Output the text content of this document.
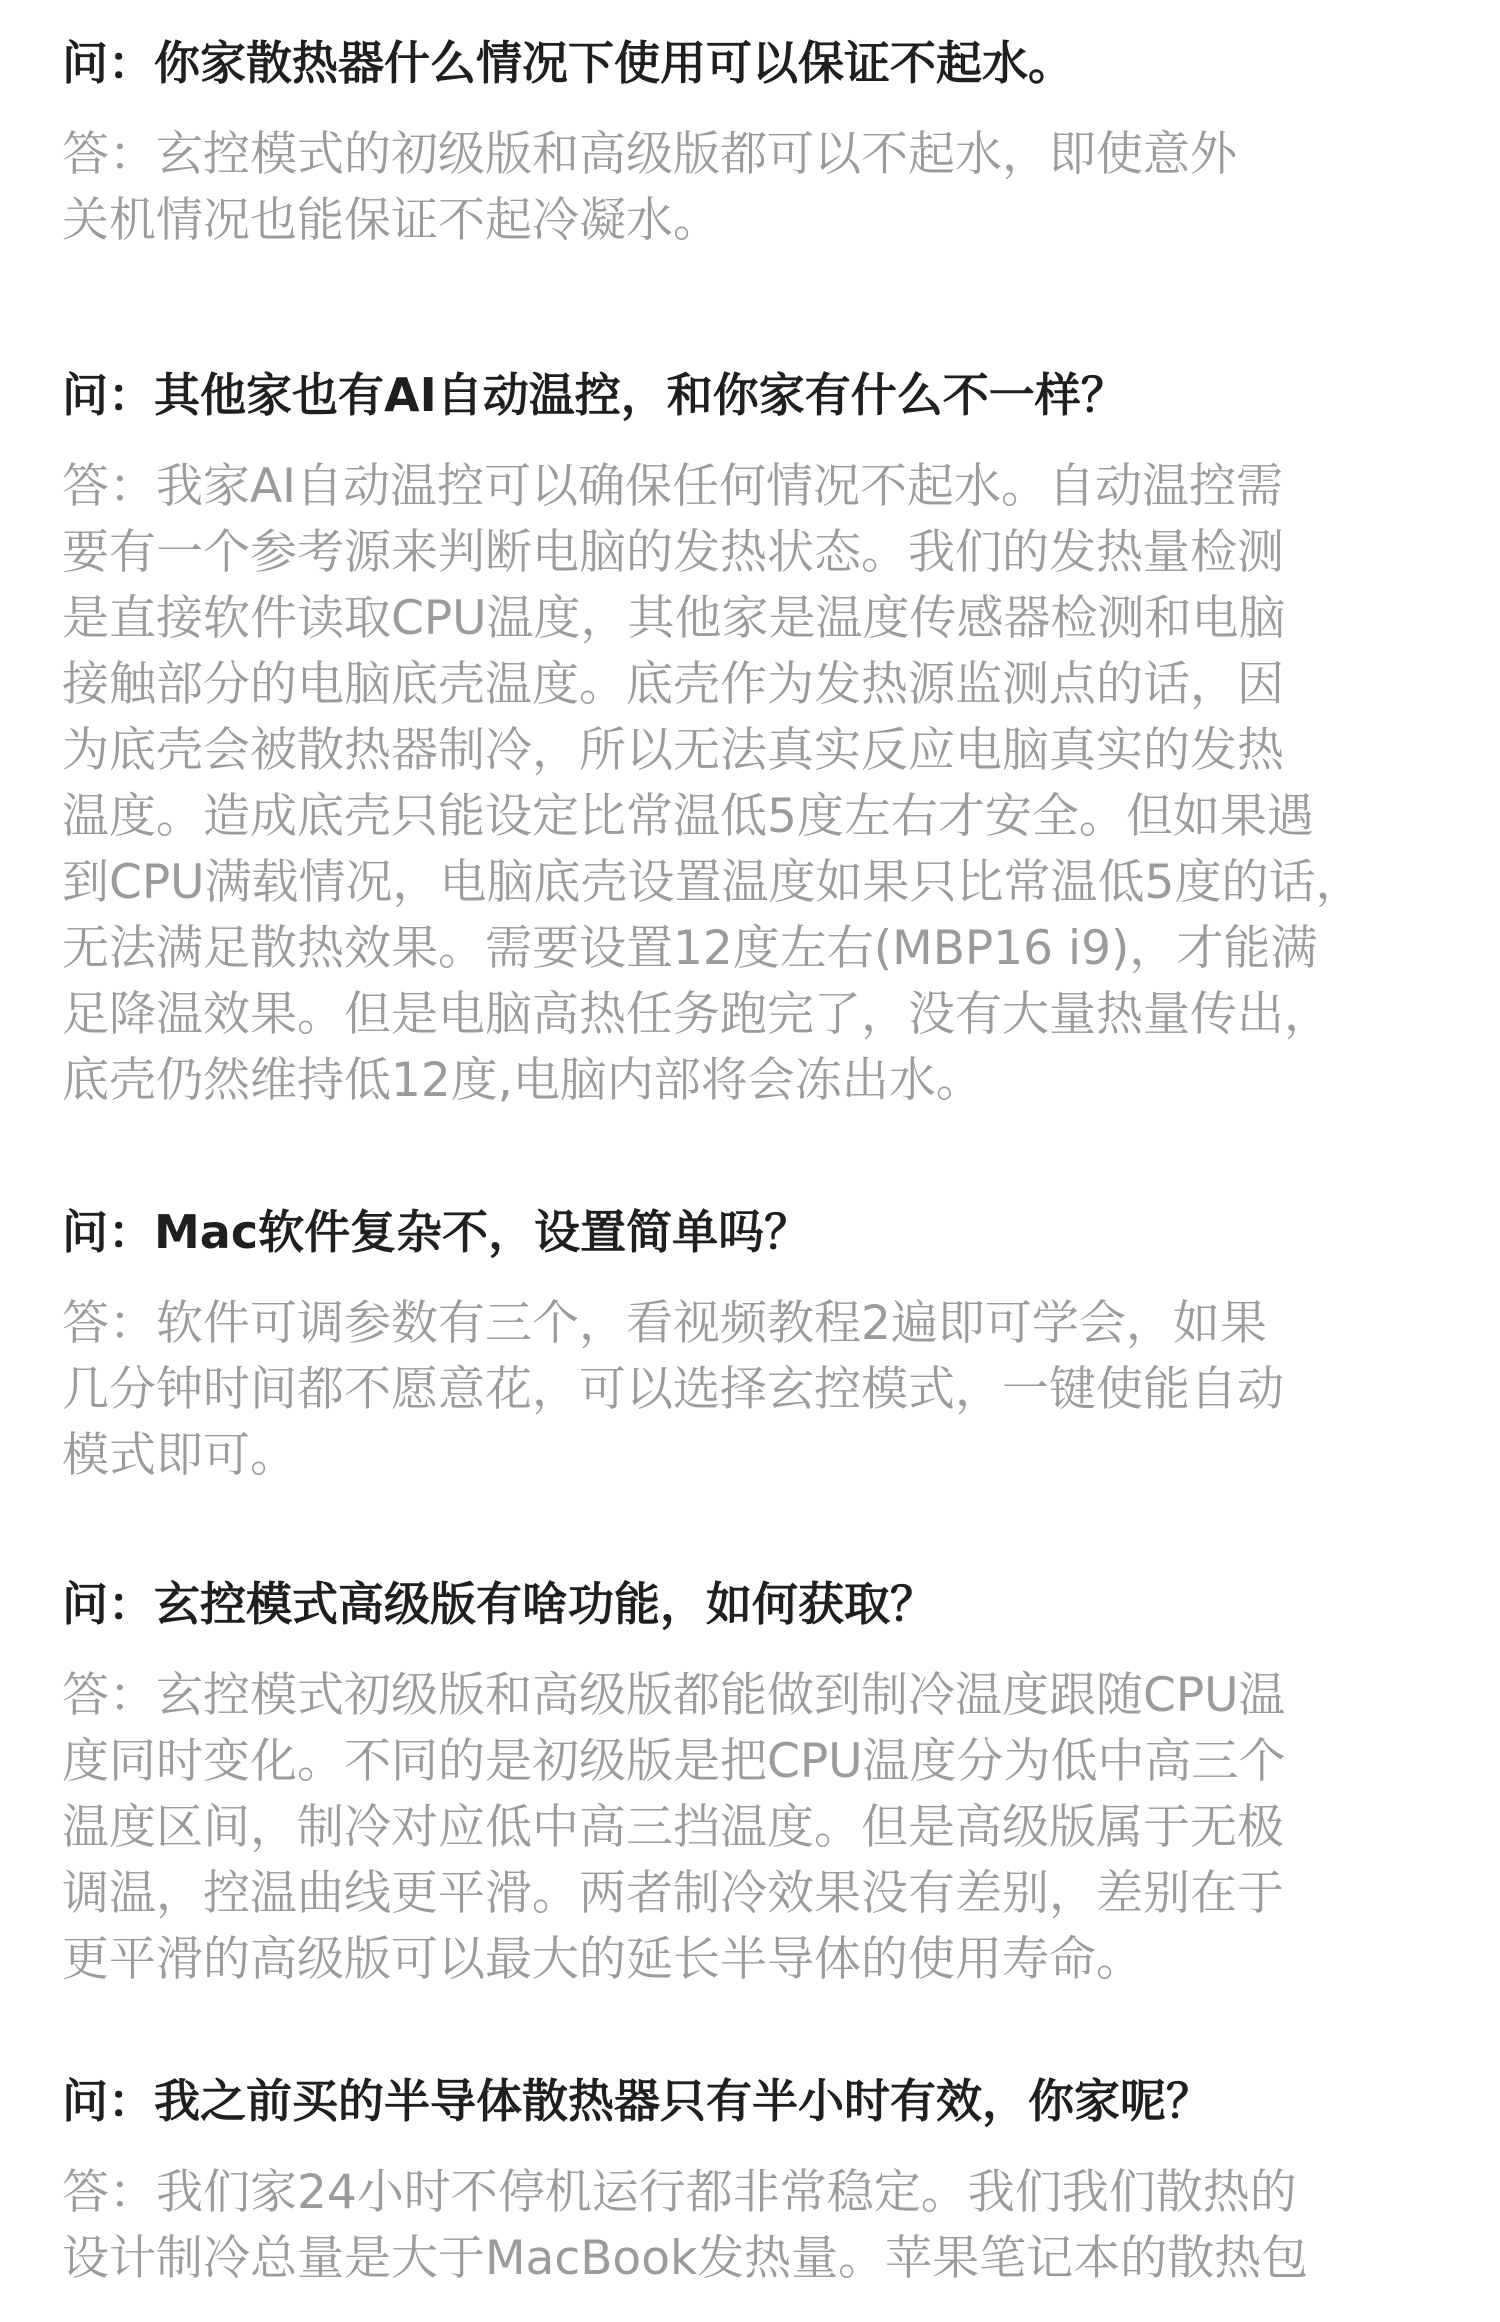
问：你家散热器什么情况下使用可以保证不起水。

答：玄控模式的初级版和高级版都可以不起水，即使意外
关机情况也能保证不起冷凝水。

问：其他家也有AI自动温控，和你家有什么不一样？

答：我家AI自动温控可以确保任何情况不起水。自动温控需
要有一个参考源来判断电脑的发热状态。我们的发热量检测
是直接软件读取CPU温度，其他家是温度传感器检测和电脑
接触部分的电脑底壳温度。底壳作为发热源监测点的话，因
为底壳会被散热器制冷，所以无法真实反应电脑真实的发热
温度。造成底壳只能设定比常温低5度左右才安全。但如果遇
到CPU满载情况，电脑底壳设置温度如果只比常温低5度的话，
无法满足散热效果。需要设置12度左右(MBP16 i9)，才能满
足降温效果。但是电脑高热任务跑完了，没有大量热量传出，
底壳仍然维持低12度,电脑内部将会冻出水。

问：Mac软件复杂不，设置简单吗？

答：软件可调参数有三个，看视频教程2遍即可学会，如果
几分钟时间都不愿意花，可以选择玄控模式，一键使能自动
模式即可。

问：玄控模式高级版有啥功能，如何获取？

答：玄控模式初级版和高级版都能做到制冷温度跟随CPU温
度同时变化。不同的是初级版是把CPU温度分为低中高三个
温度区间，制冷对应低中高三挡温度。但是高级版属于无极
调温，控温曲线更平滑。两者制冷效果没有差别，差别在于
更平滑的高级版可以最大的延长半导体的使用寿命。

问：我之前买的半导体散热器只有半小时有效，你家呢？

答：我们家24小时不停机运行都非常稳定。我们我们散热的
设计制冷总量是大于MacBook发热量。苹果笔记本的散热包
